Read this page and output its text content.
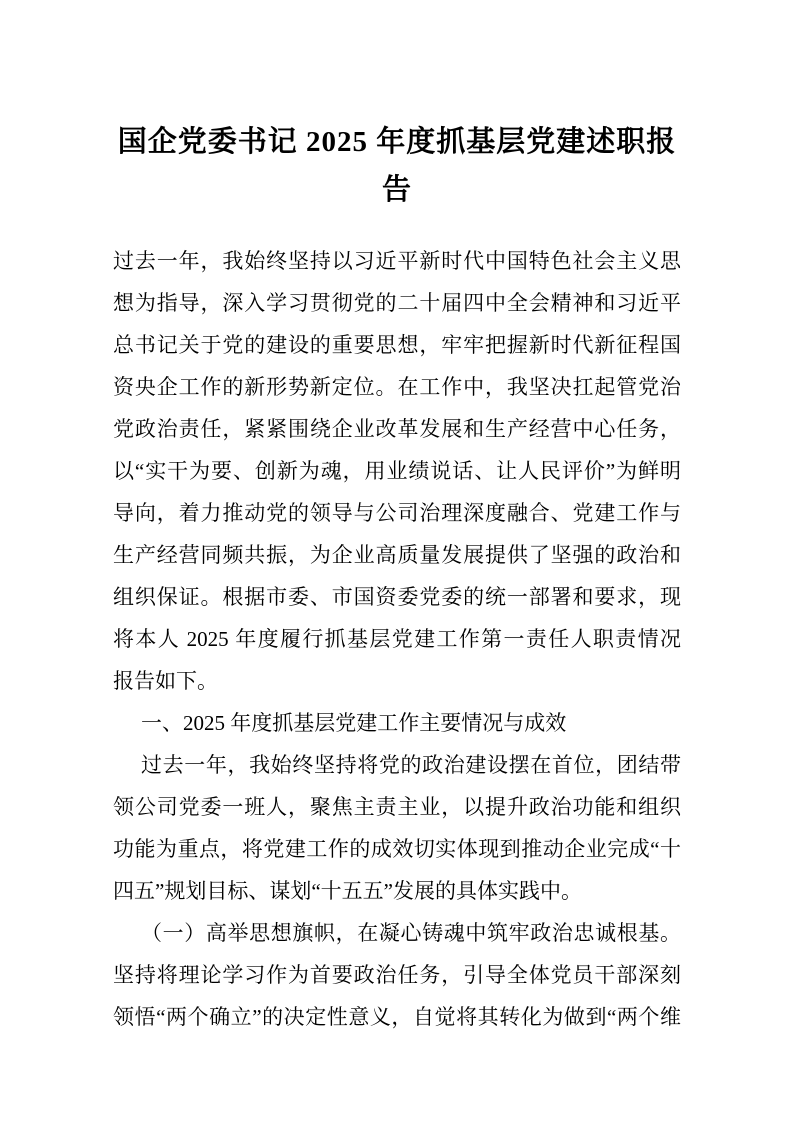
国企党委书记 2025 年度抓基层党建述职报
告
过去一年，我始终坚持以习近平新时代中国特色社会主义思
想为指导，深入学习贯彻党的二十届四中全会精神和习近平
总书记关于党的建设的重要思想，牢牢把握新时代新征程国
资央企工作的新形势新定位。在工作中，我坚决扛起管党治
党政治责任，紧紧围绕企业改革发展和生产经营中心任务，
以“实干为要、创新为魂，用业绩说话、让人民评价”为鲜明
导向，着力推动党的领导与公司治理深度融合、党建工作与
生产经营同频共振，为企业高质量发展提供了坚强的政治和
组织保证。根据市委、市国资委党委的统一部署和要求，现
将本人 2025 年度履行抓基层党建工作第一责任人职责情况
报告如下。
一、2025 年度抓基层党建工作主要情况与成效
过去一年，我始终坚持将党的政治建设摆在首位，团结带
领公司党委一班人，聚焦主责主业，以提升政治功能和组织
功能为重点，将党建工作的成效切实体现到推动企业完成“十
四五”规划目标、谋划“十五五”发展的具体实践中。
（一）高举思想旗帜，在凝心铸魂中筑牢政治忠诚根基。
坚持将理论学习作为首要政治任务，引导全体党员干部深刻
领悟“两个确立”的决定性意义，自觉将其转化为做到“两个维
